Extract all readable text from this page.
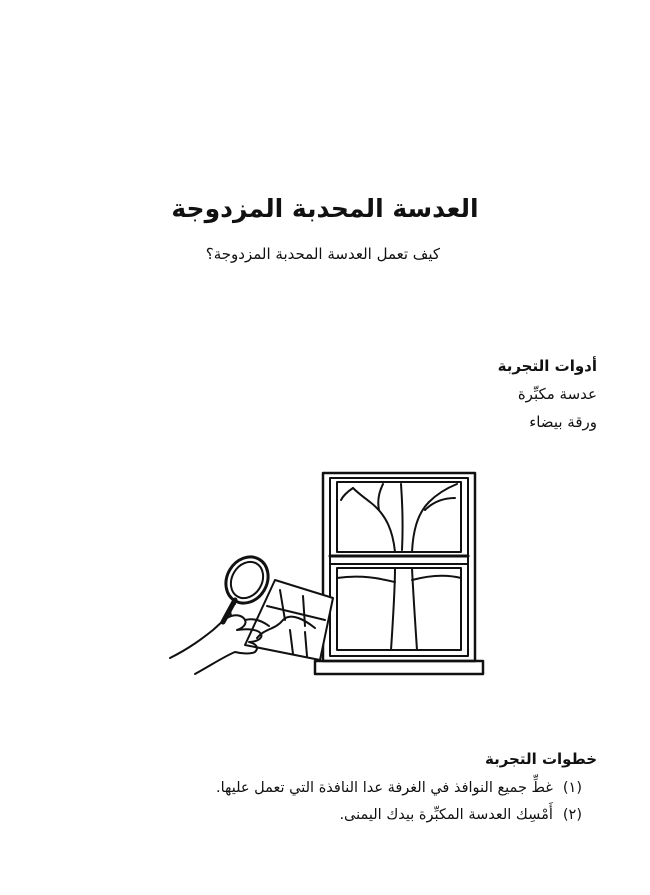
العدسة المحدبة المزدوجة
كيف تعمل العدسة المحدبة المزدوجة؟
أدوات التجربة
عدسة مكبِّرة
ورقة بيضاء
خطوات التجربة
(١)غطِّ جميع النوافذ في الغرفة عدا النافذة التي تعمل عليها.
(٢)أَمْسِك العدسة المكبِّرة بيدك اليمنى.
